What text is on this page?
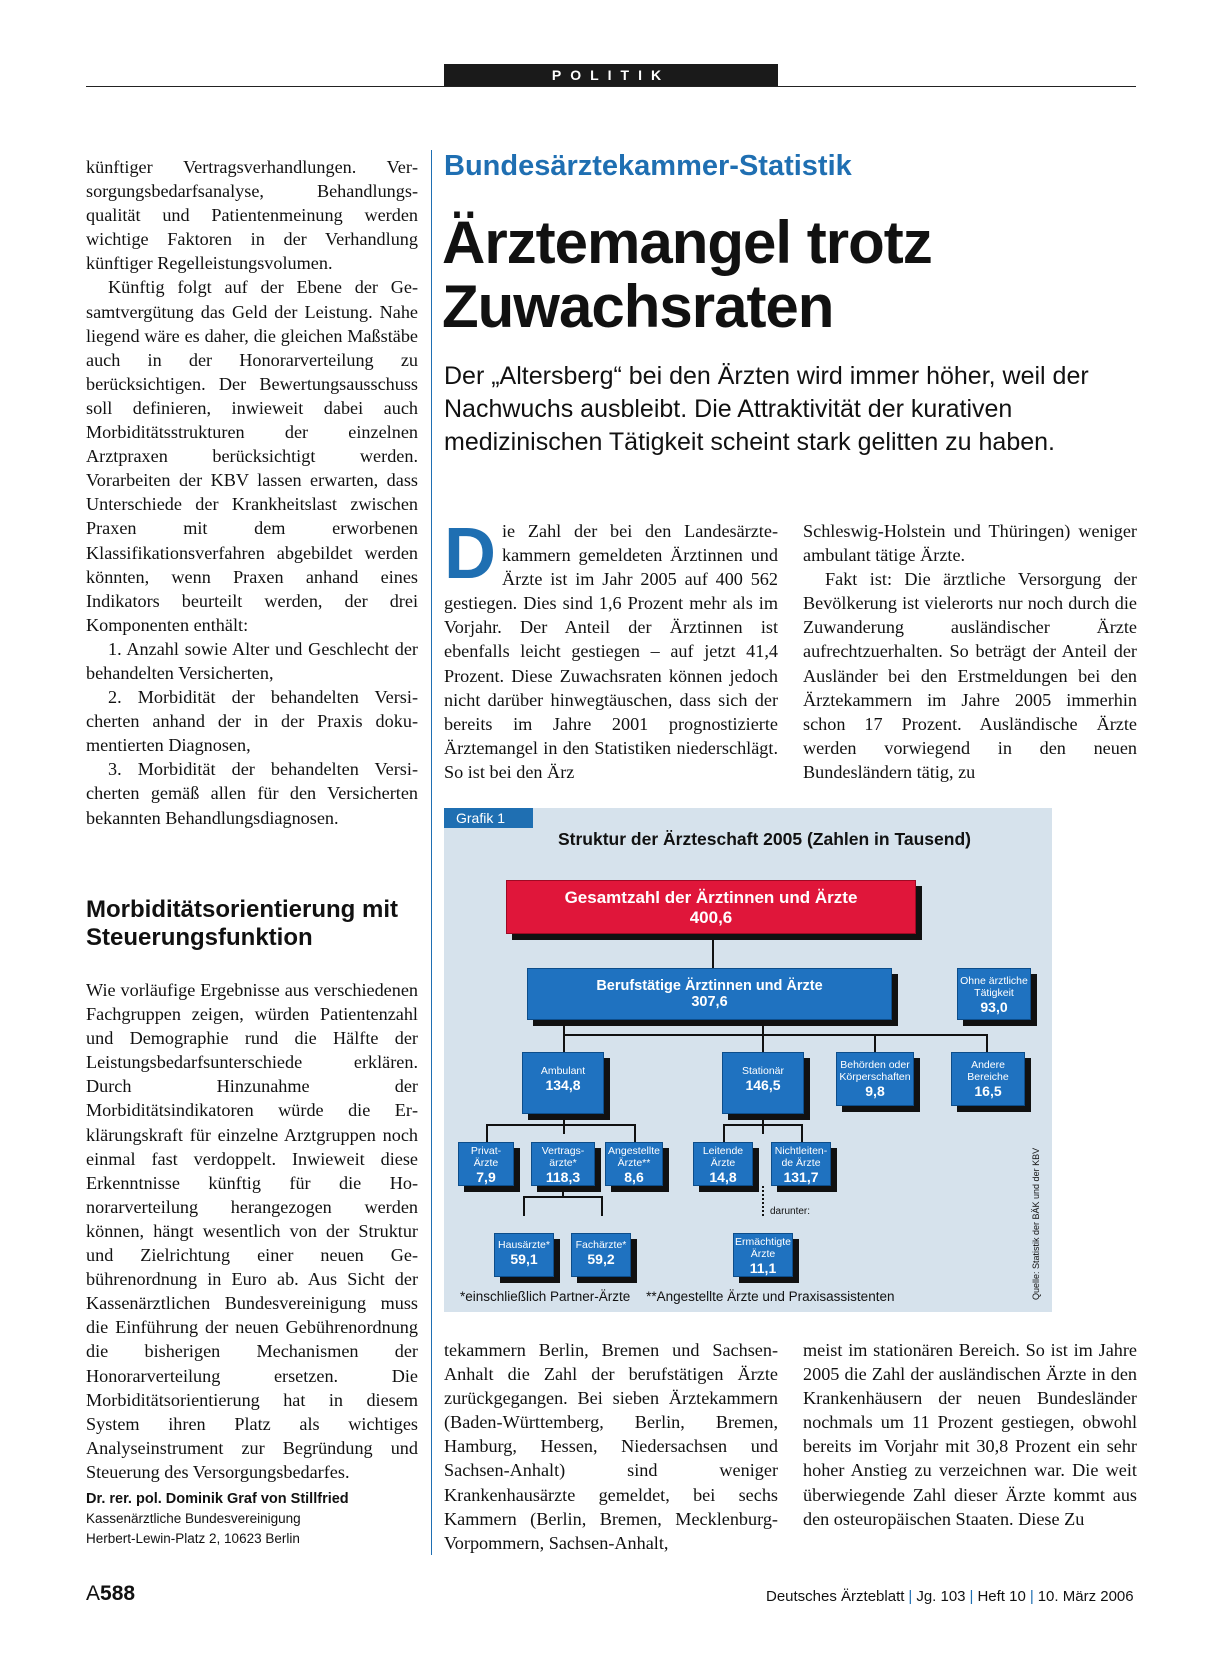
POLITIK

künftiger Vertragsverhandlungen. Versorgungsbedarfsanalyse, Behandlungsqualität und Patientenmeinung werden wichtige Faktoren in der Verhandlung künftiger Regelleistungsvolumen.

Künftig folgt auf der Ebene der Gesamtvergütung das Geld der Leistung. Nahe liegend wäre es daher, die gleichen Maßstäbe auch in der Honorarverteilung zu berücksichtigen. Der Bewertungsausschuss soll definieren, inwieweit dabei auch Morbiditätsstrukturen der einzelnen Arztpraxen berücksichtigt werden. Vorarbeiten der KBV lassen erwarten, dass Unterschiede der Krankheitslast zwischen Praxen mit dem erworbenen Klassifikationsverfahren abgebildet werden könnten, wenn Praxen anhand eines Indikators beurteilt werden, der drei Komponenten enthält:

1. Anzahl sowie Alter und Geschlecht der behandelten Versicherten,

2. Morbidität der behandelten Versicherten anhand der in der Praxis dokumentierten Diagnosen,

3. Morbidität der behandelten Versicherten gemäß allen für den Versicherten bekannten Behandlungsdiagnosen.

Morbiditätsorientierung mit Steuerungsfunktion
Wie vorläufige Ergebnisse aus verschiedenen Fachgruppen zeigen, würden Patientenzahl und Demographie rund die Hälfte der Leistungsbedarfsunterschiede erklären. Durch Hinzunahme der Morbiditätsindikatoren würde die Erklärungskraft für einzelne Arztgruppen noch einmal fast verdoppelt. Inwieweit diese Erkenntnisse künftig für die Honorarverteilung herangezogen werden können, hängt wesentlich von der Struktur und Zielrichtung einer neuen Gebührenordnung in Euro ab. Aus Sicht der Kassenärztlichen Bundesvereinigung muss die Einführung der neuen Gebührenordnung die bisherigen Mechanismen der Honorarverteilung ersetzen. Die Morbiditätsorientierung hat in diesem System ihren Platz als wichtiges Analyseinstrument zur Begründung und Steuerung des Versorgungsbedarfes.
Dr. rer. pol. Dominik Graf von Stillfried
Kassenärztliche Bundesvereinigung
Herbert-Lewin-Platz 2, 10623 Berlin
Bundesärztekammer-Statistik
Ärztemangel trotz
Zuwachsraten
Der „Altersberg“ bei den Ärzten wird immer höher, weil der Nachwuchs ausbleibt. Die Attraktivität der kurativen medizinischen Tätigkeit scheint stark gelitten zu haben.
D ie Zahl der bei den Landesärztekammern gemeldeten Ärztinnen und Ärzte ist im Jahr 2005 auf 400 562 gestiegen. Dies sind 1,6 Prozent mehr als im Vorjahr. Der Anteil der Ärztinnen ist ebenfalls leicht gestiegen – auf jetzt 41,4 Prozent. Diese Zuwachsraten können jedoch nicht darüber hinwegtäuschen, dass sich der bereits im Jahre 2001 prognostizierte Ärztemangel in den Statistiken niederschlägt. So ist bei den Ärz

Schleswig-Holstein und Thüringen) weniger ambulant tätige Ärzte.

Fakt ist: Die ärztliche Versorgung der Bevölkerung ist vielerorts nur noch durch die Zuwanderung ausländischer Ärzte aufrechtzuerhalten. So beträgt der Anteil der Ausländer bei den Erstmeldungen bei den Ärztekammern im Jahre 2005 immerhin schon 17 Prozent. Ausländische Ärzte werden vorwiegend in den neuen Bundesländern tätig, zu

Grafik 1
Struktur der Ärzteschaft 2005 (Zahlen in Tausend)
darunter:
Gesamtzahl der Ärztinnen und Ärzte
400,6
Berufstätige Ärztinnen und Ärzte
307,6
Ohne ärztliche Tätigkeit
93,0
Ambulant
134,8
Stationär
146,5
Behörden oder Körperschaften
9,8
Andere Bereiche
16,5
Privat-Ärzte
7,9
Vertrags-ärzte*
118,3
Angestellte Ärzte**
8,6
Leitende Ärzte
14,8
Nichtleiten-de Ärzte
131,7
Hausärzte*
59,1
Fachärzte*
59,2
Ermächtigte Ärzte
11,1
*einschließlich Partner-Ärzte **Angestellte Ärzte und Praxisassistenten	Quelle: Statistik der BÄK und der KBV
tekammern Berlin, Bremen und Sachsen-Anhalt die Zahl der berufstätigen Ärzte zurückgegangen. Bei sieben Ärztekammern (Baden-Württemberg, Berlin, Bremen, Hamburg, Hessen, Niedersachsen und Sachsen-Anhalt) sind weniger Krankenhausärzte gemeldet, bei sechs Kammern (Berlin, Bremen, Mecklenburg-Vorpommern, Sachsen-Anhalt,
meist im stationären Bereich. So ist im Jahre 2005 die Zahl der ausländischen Ärzte in den Krankenhäusern der neuen Bundesländer nochmals um 11 Prozent gestiegen, obwohl bereits im Vorjahr mit 30,8 Prozent ein sehr hoher Anstieg zu verzeichnen war. Die weit überwiegende Zahl dieser Ärzte kommt aus den osteuropäischen Staaten. Diese Zu
A588	Deutsches Ärzteblatt | Jg. 103 | Heft 10 | 10. März 2006
